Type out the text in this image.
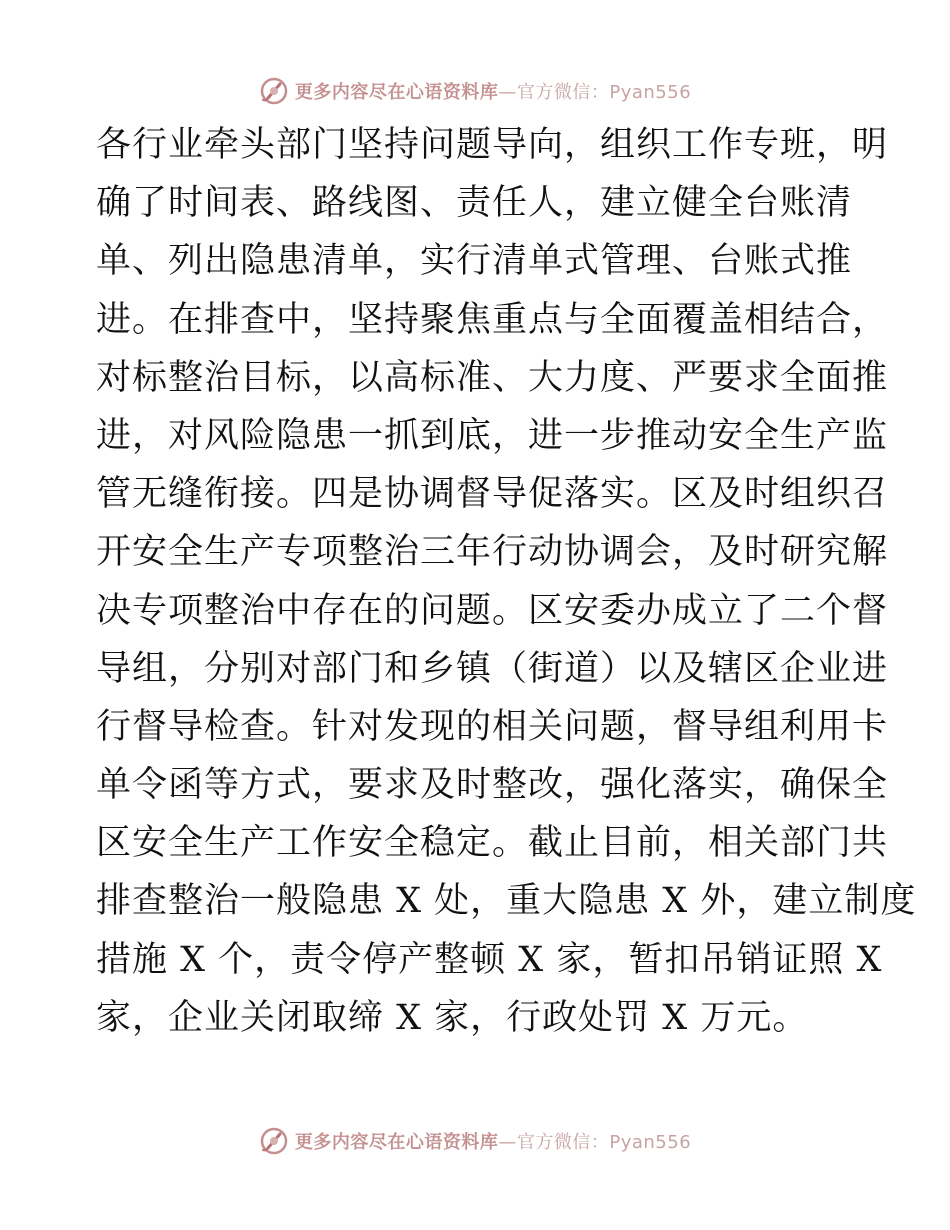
更多内容尽在心语资料库—官方微信：Pyan556
各行业牵头部门坚持问题导向，组织工作专班，明
确了时间表、路线图、责任人，建立健全台账清
单、列出隐患清单，实行清单式管理、台账式推
进。在排查中，坚持聚焦重点与全面覆盖相结合，
对标整治目标，以高标准、大力度、严要求全面推
进，对风险隐患一抓到底，进一步推动安全生产监
管无缝衔接。四是协调督导促落实。区及时组织召
开安全生产专项整治三年行动协调会，及时研究解
决专项整治中存在的问题。区安委办成立了二个督
导组，分别对部门和乡镇（街道）以及辖区企业进
行督导检查。针对发现的相关问题，督导组利用卡
单令函等方式，要求及时整改，强化落实，确保全
区安全生产工作安全稳定。截止目前，相关部门共
排查整治一般隐患 X 处，重大隐患 X 外，建立制度
措施 X 个，责令停产整顿 X 家，暂扣吊销证照 X
家，企业关闭取缔 X 家，行政处罚 X 万元。
更多内容尽在心语资料库—官方微信：Pyan556
